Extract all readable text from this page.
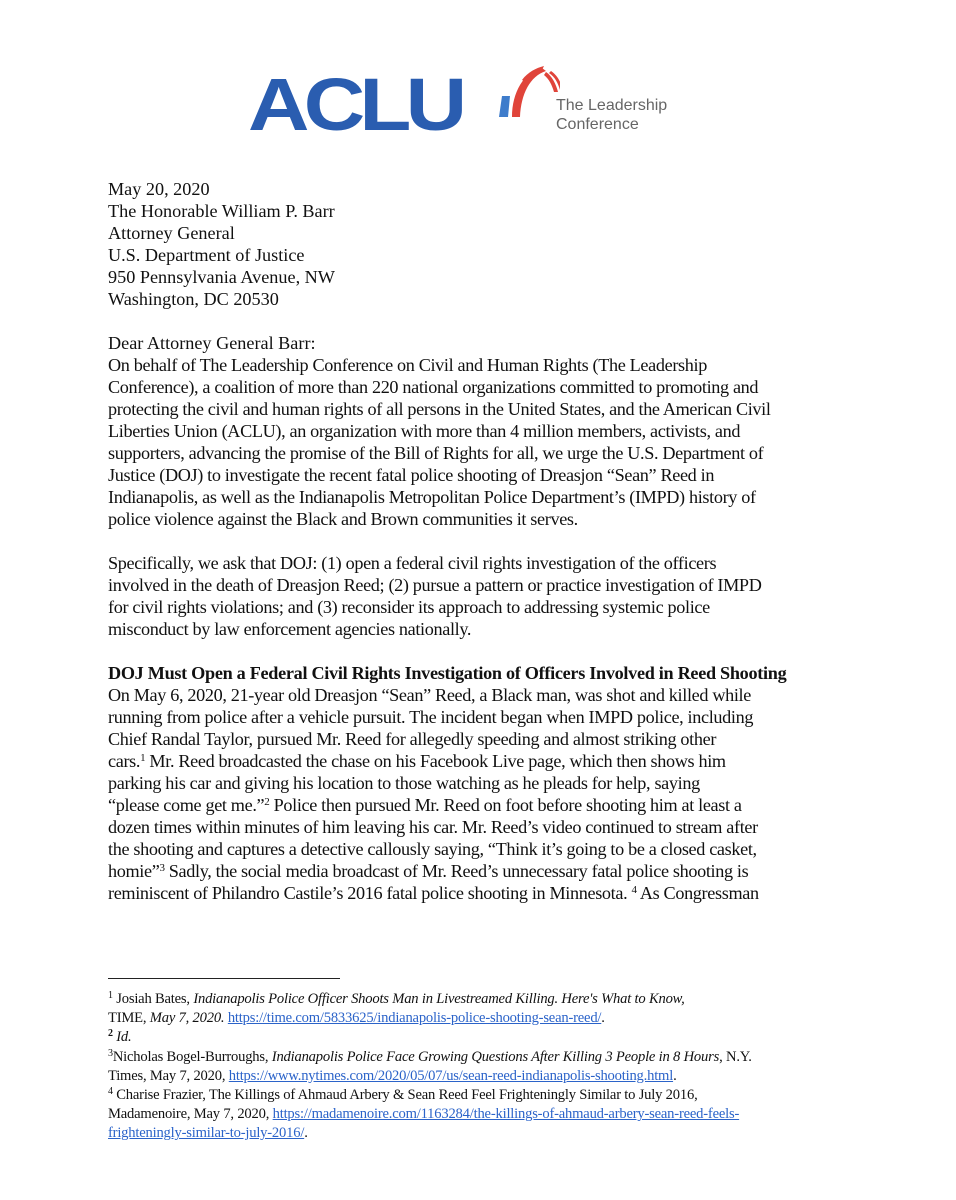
ACLU	The Leadership
Conference

May 20, 2020

The Honorable William P. Barr

Attorney General

U.S. Department of Justice

950 Pennsylvania Avenue, NW

Washington, DC 20530

Dear Attorney General Barr:

On behalf of The Leadership Conference on Civil and Human Rights (The Leadership

Conference), a coalition of more than 220 national organizations committed to promoting and

protecting the civil and human rights of all persons in the United States, and the American Civil

Liberties Union (ACLU), an organization with more than 4 million members, activists, and

supporters, advancing the promise of the Bill of Rights for all, we urge the U.S. Department of

Justice (DOJ) to investigate the recent fatal police shooting of Dreasjon “Sean” Reed in

Indianapolis, as well as the Indianapolis Metropolitan Police Department’s (IMPD) history of

police violence against the Black and Brown communities it serves.

Specifically, we ask that DOJ: (1) open a federal civil rights investigation of the officers

involved in the death of Dreasjon Reed; (2) pursue a pattern or practice investigation of IMPD

for civil rights violations; and (3) reconsider its approach to addressing systemic police

misconduct by law enforcement agencies nationally.

DOJ Must Open a Federal Civil Rights Investigation of Officers Involved in Reed Shooting

On May 6, 2020, 21-year old Dreasjon “Sean” Reed, a Black man, was shot and killed while

running from police after a vehicle pursuit. The incident began when IMPD police, including

Chief Randal Taylor, pursued Mr. Reed for allegedly speeding and almost striking other

cars.$^1$ Mr. Reed broadcasted the chase on his Facebook Live page, which then shows him

parking his car and giving his location to those watching as he pleads for help, saying

“please come get me.”$^2$ Police then pursued Mr. Reed on foot before shooting him at least a

dozen times within minutes of him leaving his car. Mr. Reed’s video continued to stream after

the shooting and captures a detective callously saying, “Think it’s going to be a closed casket,

homie”$^3$ Sadly, the social media broadcast of Mr. Reed’s unnecessary fatal police shooting is

reminiscent of Philandro Castile’s 2016 fatal police shooting in Minnesota. $^4$ As Congressman

$^1$ Josiah Bates, Indianapolis Police Officer Shoots Man in Livestreamed Killing. Here's What to Know,

TIME, May 7, 2020. https://time.com/5833625/indianapolis-police-shooting-sean-reed/.

$^2$ Id.

$^3$Nicholas Bogel-Burroughs, Indianapolis Police Face Growing Questions After Killing 3 People in 8 Hours, N.Y.

Times, May 7, 2020, https://www.nytimes.com/2020/05/07/us/sean-reed-indianapolis-shooting.html.

$^4$ Charise Frazier, The Killings of Ahmaud Arbery & Sean Reed Feel Frighteningly Similar to July 2016,

Madamenoire, May 7, 2020, https://madamenoire.com/1163284/the-killings-of-ahmaud-arbery-sean-reed-feels-

frighteningly-similar-to-july-2016/.
